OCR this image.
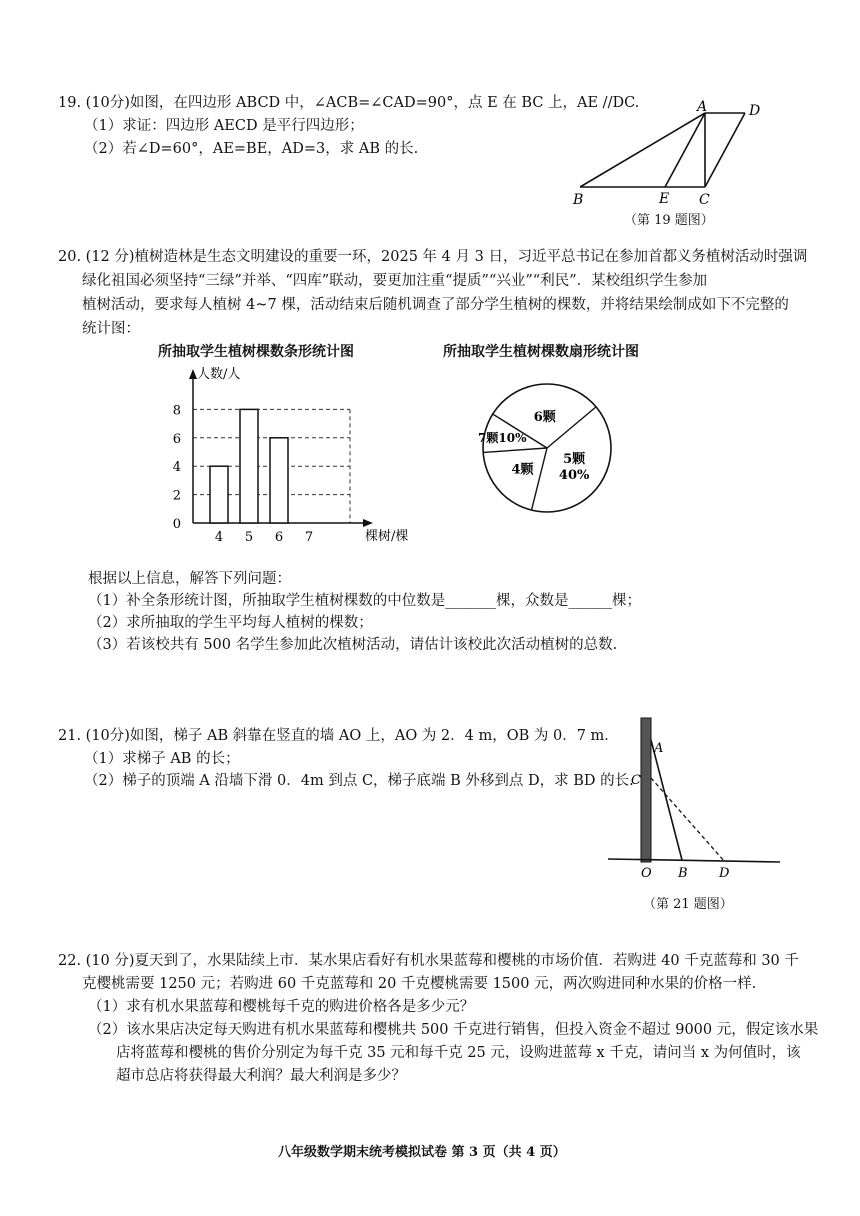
19. (10分)如图，在四边形 ABCD 中，∠ACB=∠CAD=90°，点 E 在 BC 上，AE //DC.
（1）求证：四边形 AECD 是平行四边形；
（2）若∠D=60°，AE=BE，AD=3，求 AB 的长.
A	D
B	E C
（第 19 题图）
20. (12 分)植树造林是生态文明建设的重要一环，2025 年 4 月 3 日，习近平总书记在参加首都义务植树活动时强调
绿化祖国必须坚持“三绿”并举、“四库”联动，要更加注重“提质”“兴业”“利民”．某校组织学生参加
植树活动，要求每人植树 4~7 棵，活动结束后随机调查了部分学生植树的棵数，并将结果绘制成如下不完整的
统计图：
所抽取学生植树棵数条形统计图	所抽取学生植树棵数扇形统计图
0
2
4
6
8
人数/人
棵树/棵
4 5 6 7
5颗
40%
4颗
7颗10%
6颗
根据以上信息，解答下列问题：
（1）补全条形统计图，所抽取学生植树棵数的中位数是_______棵，众数是______棵；
（2）求所抽取的学生平均每人植树的棵数；
（3）若该校共有 500 名学生参加此次植树活动，请估计该校此次活动植树的总数.
21. (10分)如图，梯子 AB 斜靠在竖直的墙 AO 上，AO 为 2．4 m，OB 为 0．7 m．
（1）求梯子 AB 的长；
（2）梯子的顶端 A 沿墙下滑 0．4m 到点 C，梯子底端 B 外移到点 D，求 BD 的长.
A
C
O B D
（第 21 题图）
22. (10 分)夏天到了，水果陆续上市．某水果店看好有机水果蓝莓和樱桃的市场价值．若购进 40 千克蓝莓和 30 千
克樱桃需要 1250 元；若购进 60 千克蓝莓和 20 千克樱桃需要 1500 元，两次购进同种水果的价格一样.
（1）求有机水果蓝莓和樱桃每千克的购进价格各是多少元？
（2）该水果店决定每天购进有机水果蓝莓和樱桃共 500 千克进行销售，但投入资金不超过 9000 元，假定该水果
店将蓝莓和樱桃的售价分别定为每千克 35 元和每千克 25 元，设购进蓝莓 x 千克，请问当 x 为何值时，该
超市总店将获得最大利润？最大利润是多少？
八年级数学期末统考模拟试卷 第 3 页（共 4 页）
